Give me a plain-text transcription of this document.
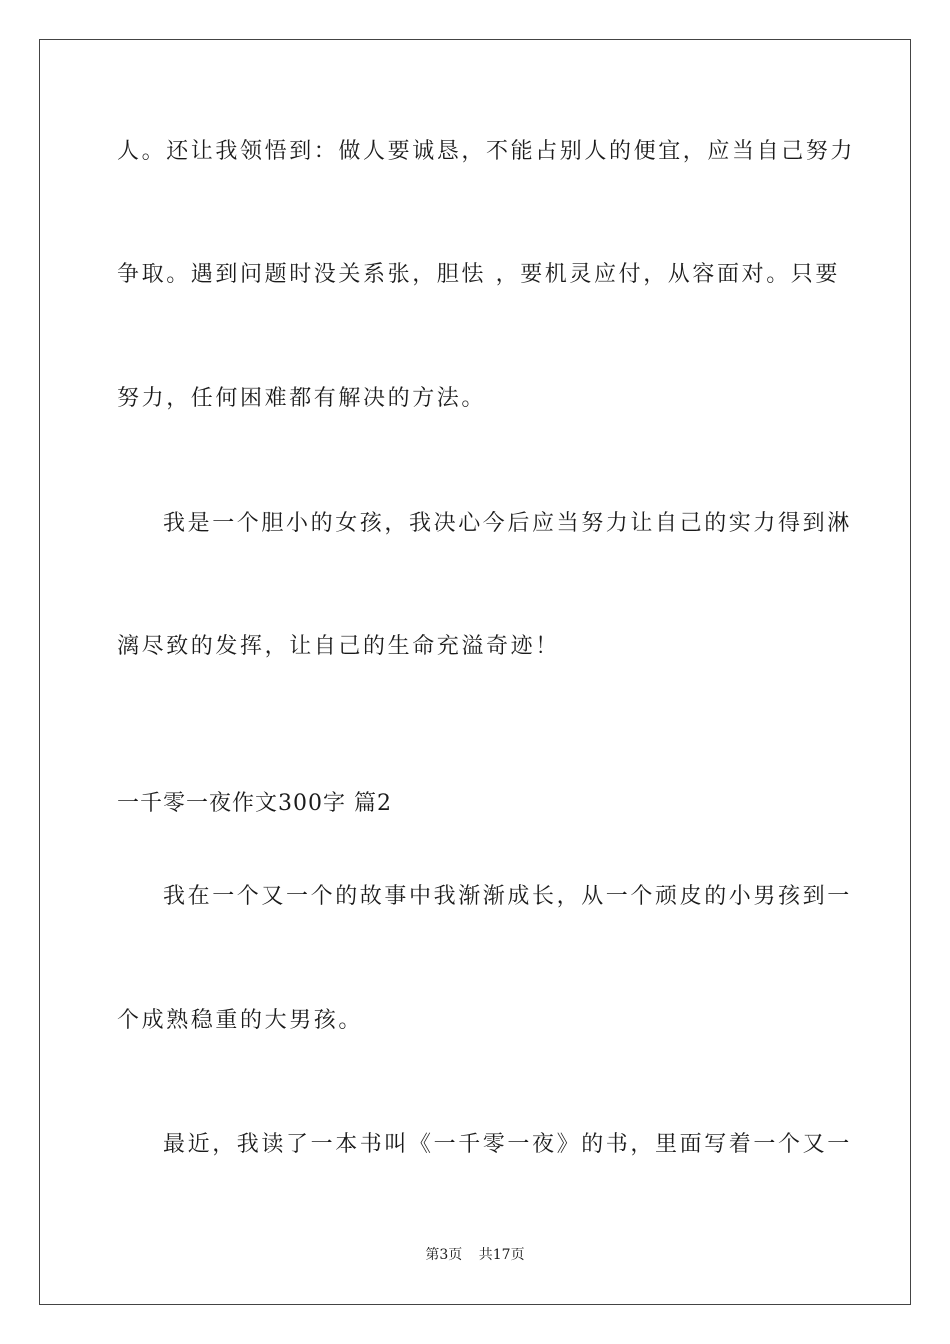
人。还让我领悟到：做人要诚恳，不能占别人的便宜，应当自己努力
争取。遇到问题时没关系张，胆怯 ，要机灵应付，从容面对。只要
努力，任何困难都有解决的方法。
我是一个胆小的女孩，我决心今后应当努力让自己的实力得到淋
漓尽致的发挥，让自己的生命充溢奇迹！
一千零一夜作文300字 篇2
我在一个又一个的故事中我渐渐成长，从一个顽皮的小男孩到一
个成熟稳重的大男孩。
最近，我读了一本书叫《一千零一夜》的书，里面写着一个又一
第3页 共17页
